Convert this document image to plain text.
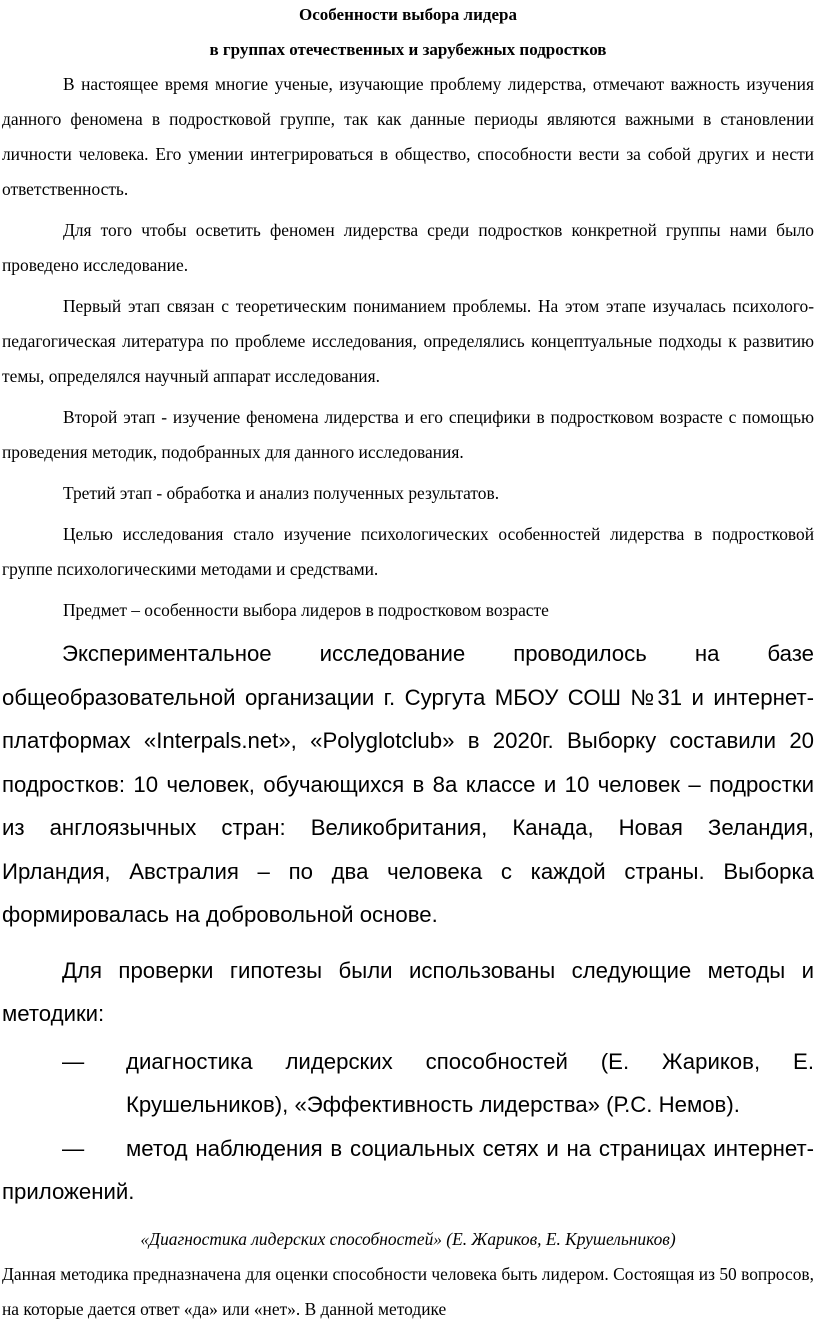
Особенности выбора лидера
в группах отечественных и зарубежных подростков

В настоящее время многие ученые, изучающие проблему лидерства, отмечают важность изучения данного феномена в подростковой группе, так как данные периоды являются важными в становлении личности человека. Его умении интегрироваться в общество, способности вести за собой других и нести ответственность.

Для того чтобы осветить феномен лидерства среди подростков конкретной группы нами было проведено исследование.

Первый этап связан с теоретическим пониманием проблемы. На этом этапе изучалась психолого-педагогическая литература по проблеме исследования, определялись концептуальные подходы к развитию темы, определялся научный аппарат исследования.

Второй этап - изучение феномена лидерства и его специфики в подростковом возрасте с помощью проведения методик, подобранных для данного исследования.

Третий этап - обработка и анализ полученных результатов.

Целью исследования стало изучение психологических особенностей лидерства в подростковой группе психологическими методами и средствами.

Предмет – особенности выбора лидеров в подростковом возрасте

Экспериментальное исследование проводилось на базе общеобразовательной организации г. Сургута МБОУ СОШ №31 и интернет-платформах «Interpals.net», «Polyglotclub» в 2020г. Выборку составили 20 подростков: 10 человек, обучающихся в 8а классе и 10 человек – подростки из англоязычных стран: Великобритания, Канада, Новая Зеландия, Ирландия, Австралия – по два человека с каждой страны. Выборка формировалась на добровольной основе.

Для проверки гипотезы были использованы следующие методы и методики:

— диагностика лидерских способностей (Е. Жариков, Е. Крушельников), «Эффективность лидерства» (Р.С. Немов).

—	метод наблюдения в социальных сетях и на страницах интернет-приложений.

«Диагностика лидерских способностей» (Е. Жариков, Е. Крушельников)

Данная методика предназначена для оценки способности человека быть лидером. Состоящая из 50 вопросов, на которые дается ответ «да» или «нет». В данной методике
